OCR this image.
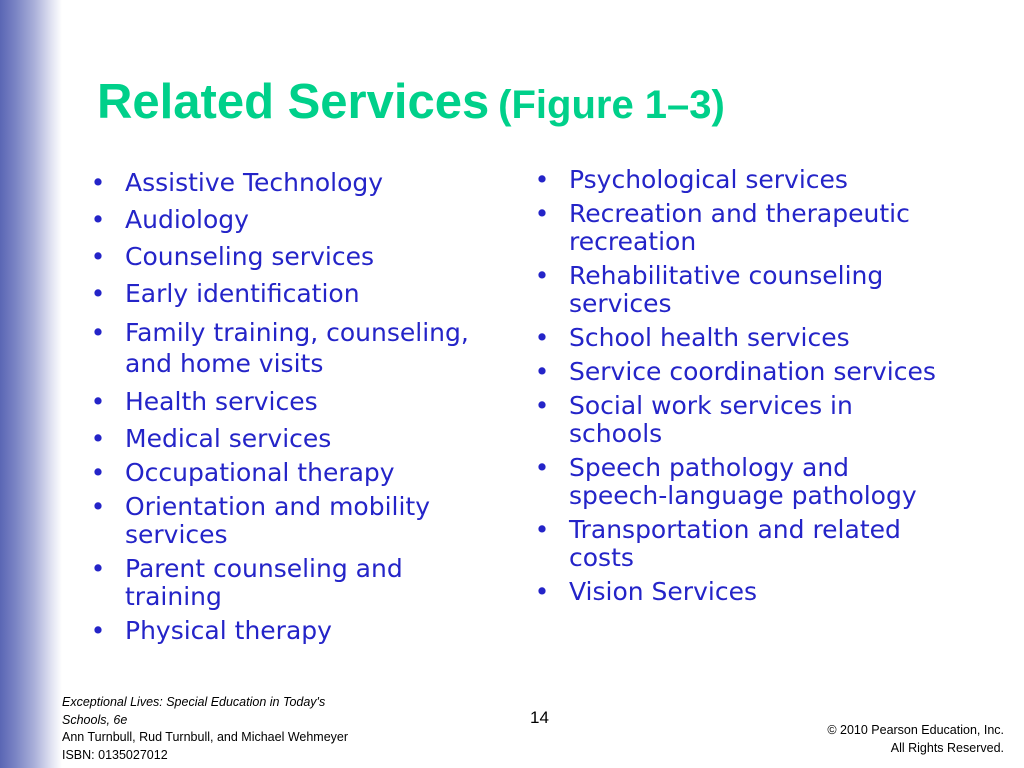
Related Services (Figure 1–3)
• Assistive Technology
• Audiology
• Counseling services
• Early identification
• Family training, counseling, and home visits
• Health services
• Medical services
• Occupational therapy
• Orientation and mobility services
• Parent counseling and training
• Physical therapy
• Psychological services
• Recreation and therapeutic recreation
• Rehabilitative counseling services
• School health services
• Service coordination services
• Social work services in schools
• Speech pathology and speech-language pathology
• Transportation and related costs
• Vision Services
Exceptional Lives: Special Education in Today's
Schools, 6e
Ann Turnbull, Rud Turnbull, and Michael Wehmeyer
ISBN: 0135027012
14
© 2010 Pearson Education, Inc.
All Rights Reserved.
